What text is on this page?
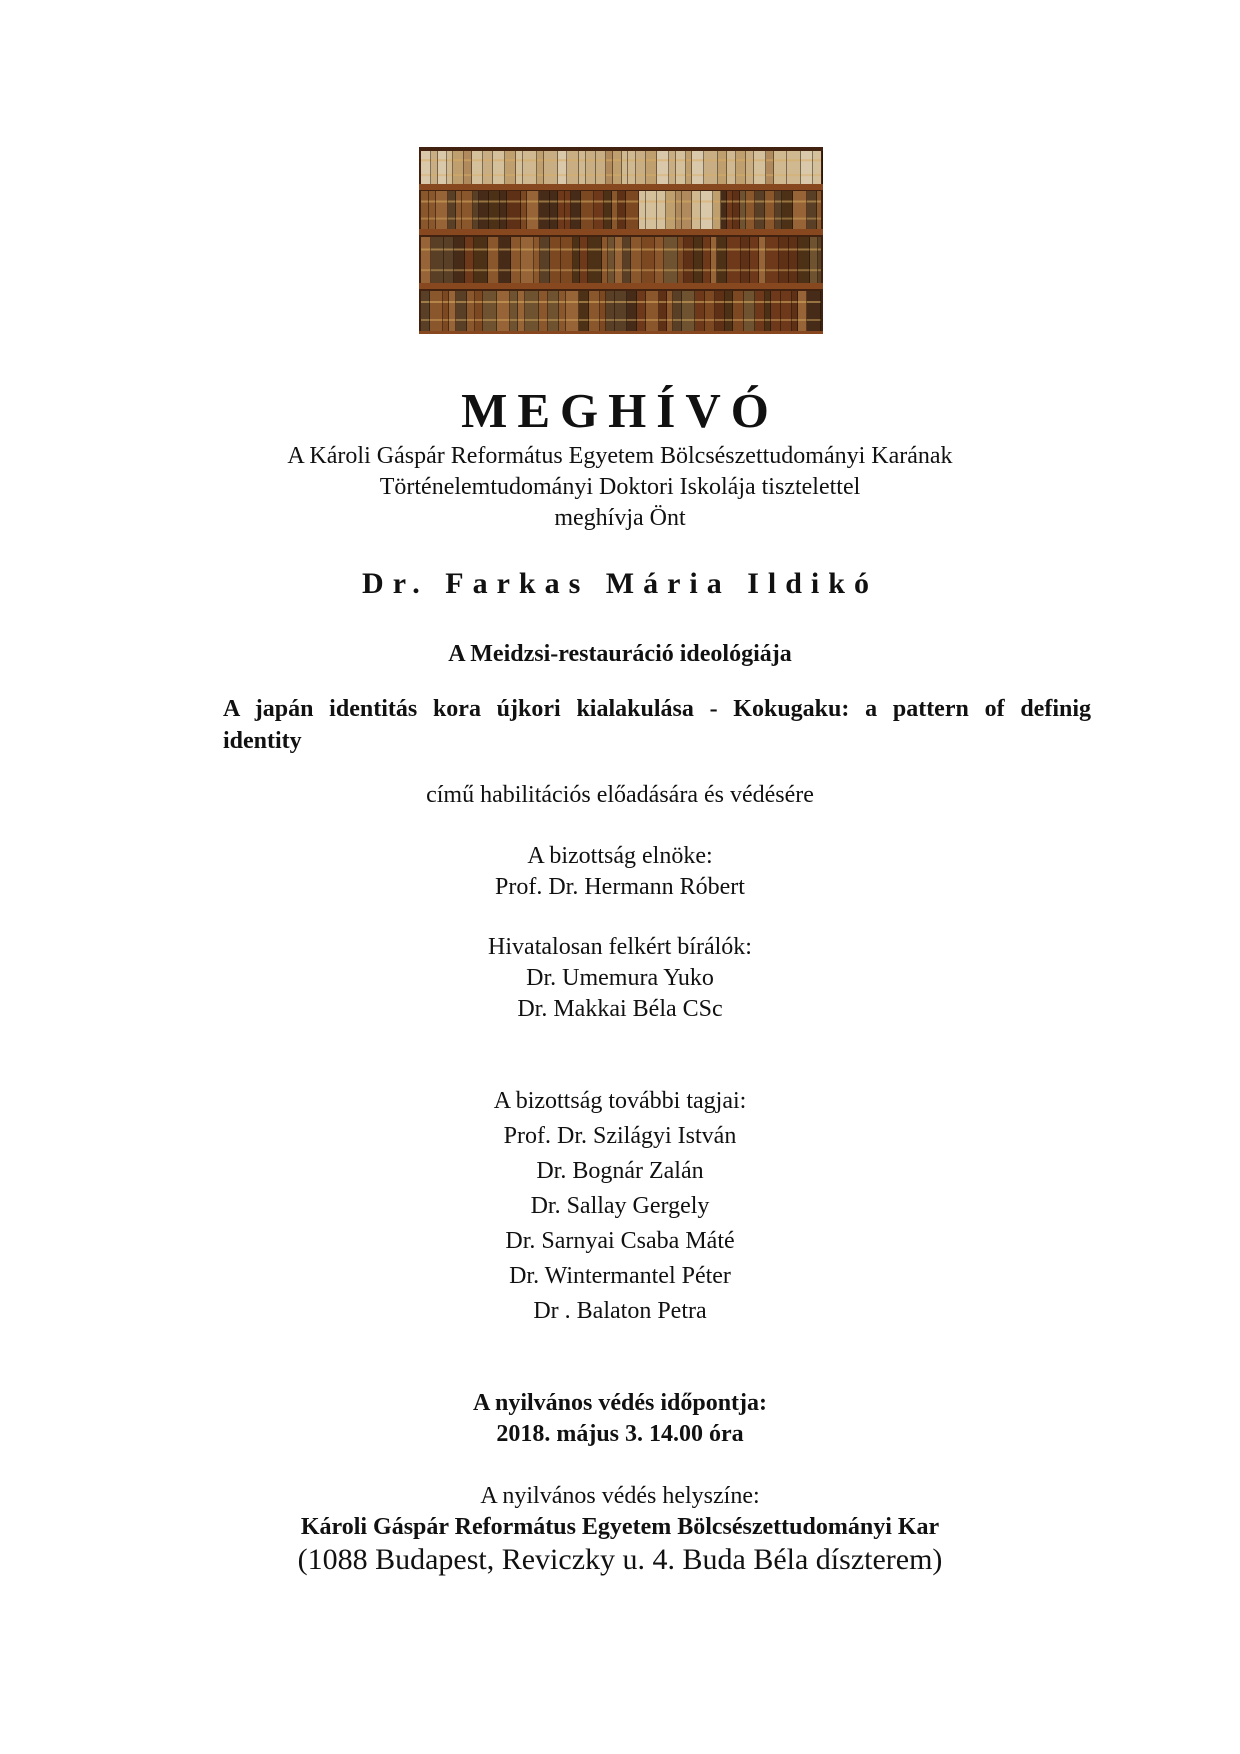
MEGHÍVÓ
A Károli Gáspár Református Egyetem Bölcsészettudományi Karának
Történelemtudományi Doktori Iskolája tisztelettel
meghívja Önt
Dr. Farkas Mária Ildikó
A Meidzsi-restauráció ideológiája
A japán identitás kora újkori kialakulása - Kokugaku: a pattern of definig
identity
című habilitációs előadására és védésére
A bizottság elnöke:
Prof. Dr. Hermann Róbert
Hivatalosan felkért bírálók:
Dr. Umemura Yuko
Dr. Makkai Béla CSc
A bizottság további tagjai:
Prof. Dr. Szilágyi István
Dr. Bognár Zalán
Dr. Sallay Gergely
Dr. Sarnyai Csaba Máté
Dr. Wintermantel Péter
Dr . Balaton Petra
A nyilvános védés időpontja:
2018. május 3. 14.00 óra
A nyilvános védés helyszíne:
Károli Gáspár Református Egyetem Bölcsészettudományi Kar
(1088 Budapest, Reviczky u. 4. Buda Béla díszterem)
